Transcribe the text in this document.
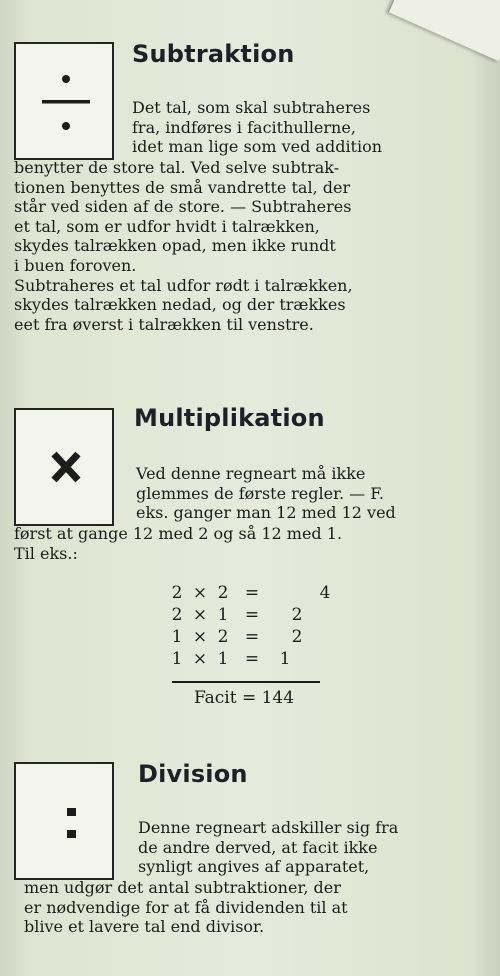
Subtraktion
Det tal, som skal subtraheres
fra, indføres i facithullerne,
idet man lige som ved addition
benytter de store tal. Ved selve subtrak-
tionen benyttes de små vandrette tal, der
står ved siden af de store. — Subtraheres
et tal, som er udfor hvidt i talrækken,
skydes talrækken opad, men ikke rundt
i buen foroven.
Subtraheres et tal udfor rødt i talrækken,
skydes talrækken nedad, og der trækkes
eet fra øverst i talrækken til venstre.
Multiplikation
Ved denne regneart må ikke
glemmes de første regler. — F.
eks. ganger man 12 med 12 ved
først at gange 12 med 2 og så 12 med 1.
Til eks.:
2 × 2 =	4
2 × 1 =	2
1 × 2 =	2
1 × 1 =	1
Facit = 144
Division
Denne regneart adskiller sig fra
de andre derved, at facit ikke
synligt angives af apparatet,
men udgør det antal subtraktioner, der
er nødvendige for at få dividenden til at
blive et lavere tal end divisor.
